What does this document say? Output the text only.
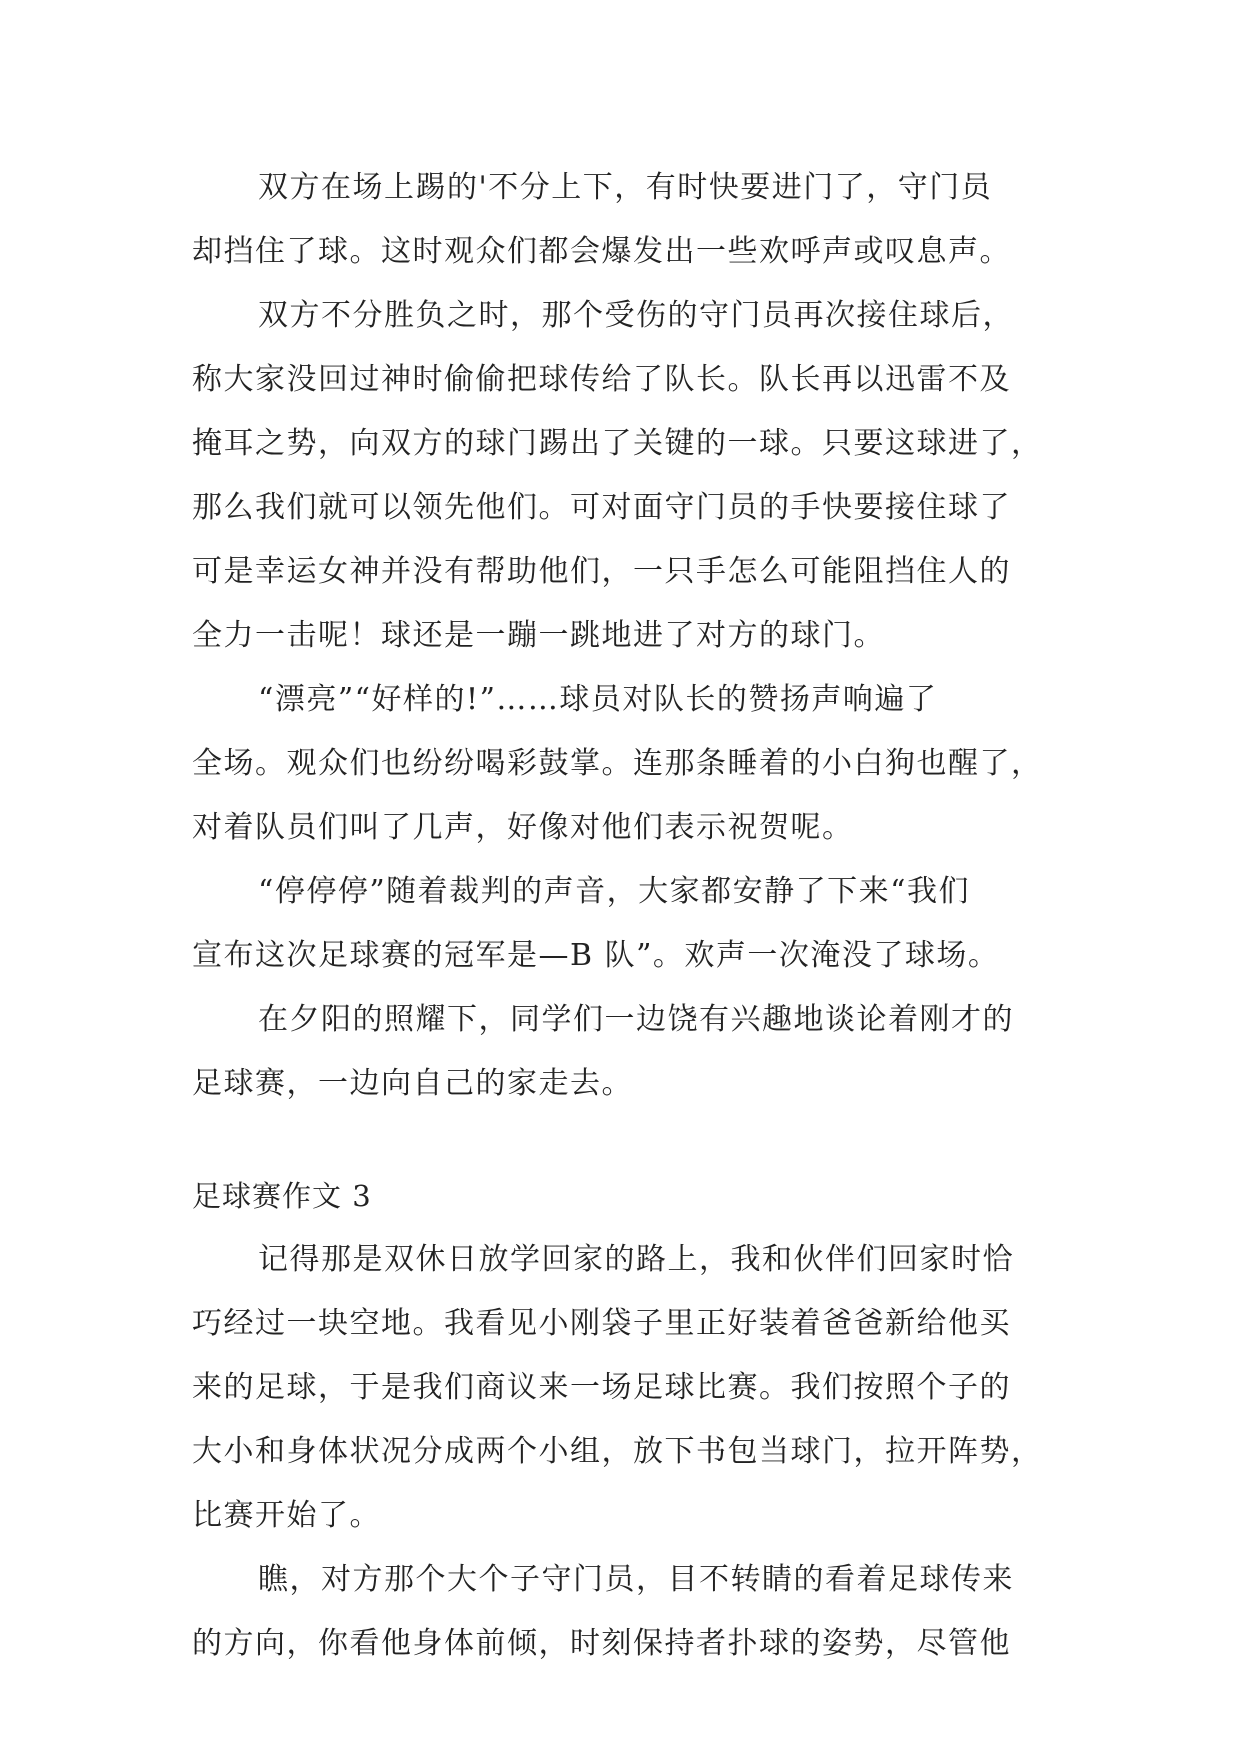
双方在场上踢的'不分上下，有时快要进门了，守门员
却挡住了球。这时观众们都会爆发出一些欢呼声或叹息声。
双方不分胜负之时，那个受伤的守门员再次接住球后，
称大家没回过神时偷偷把球传给了队长。队长再以迅雷不及
掩耳之势，向双方的球门踢出了关键的一球。只要这球进了，
那么我们就可以领先他们。可对面守门员的手快要接住球了
可是幸运女神并没有帮助他们，一只手怎么可能阻挡住人的
全力一击呢！球还是一蹦一跳地进了对方的球门。
“漂亮”“好样的!”……球员对队长的赞扬声响遍了
全场。观众们也纷纷喝彩鼓掌。连那条睡着的小白狗也醒了，
对着队员们叫了几声，好像对他们表示祝贺呢。
“停停停”随着裁判的声音，大家都安静了下来“我们
宣布这次足球赛的冠军是—B 队”。欢声一次淹没了球场。
在夕阳的照耀下，同学们一边饶有兴趣地谈论着刚才的
足球赛，一边向自己的家走去。
足球赛作文 3
记得那是双休日放学回家的路上，我和伙伴们回家时恰
巧经过一块空地。我看见小刚袋子里正好装着爸爸新给他买
来的足球，于是我们商议来一场足球比赛。我们按照个子的
大小和身体状况分成两个小组，放下书包当球门，拉开阵势，
比赛开始了。
瞧，对方那个大个子守门员，目不转睛的看着足球传来
的方向，你看他身体前倾，时刻保持者扑球的姿势，尽管他
